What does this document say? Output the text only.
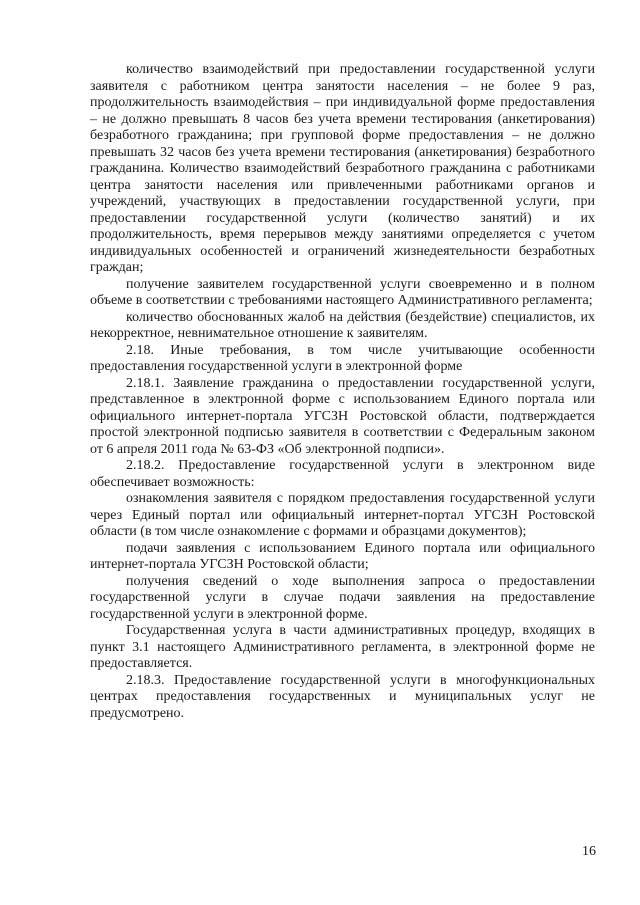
количество взаимодействий при предоставлении государственной услуги заявителя с работником центра занятости населения – не более 9 раз, продолжительность взаимодействия – при индивидуальной форме предоставления – не должно превышать 8 часов без учета времени тестирования (анкетирования) безработного гражданина; при групповой форме предоставления – не должно превышать 32 часов без учета времени тестирования (анкетирования) безработного гражданина. Количество взаимодействий безработного гражданина с работниками центра занятости населения или привлеченными работниками органов и учреждений, участвующих в предоставлении государственной услуги, при предоставлении государственной услуги (количество занятий) и их продолжительность, время перерывов между занятиями определяется с учетом индивидуальных особенностей и ограничений жизнедеятельности безработных граждан;

получение заявителем государственной услуги своевременно и в полном объеме в соответствии с требованиями настоящего Административного регламента;

количество обоснованных жалоб на действия (бездействие) специалистов, их некорректное, невнимательное отношение к заявителям.

2.18. Иные требования, в том числе учитывающие особенности предоставления государственной услуги в электронной форме

2.18.1. Заявление гражданина о предоставлении государственной услуги, представленное в электронной форме с использованием Единого портала или официального интернет-портала УГСЗН Ростовской области, подтверждается простой электронной подписью заявителя в соответствии с Федеральным законом от 6 апреля 2011 года № 63-ФЗ «Об электронной подписи».

2.18.2. Предоставление государственной услуги в электронном виде обеспечивает возможность:

ознакомления заявителя с порядком предоставления государственной услуги через Единый портал или официальный интернет-портал УГСЗН Ростовской области (в том числе ознакомление с формами и образцами документов);

подачи заявления с использованием Единого портала или официального интернет-портала УГСЗН Ростовской области;

получения сведений о ходе выполнения запроса о предоставлении государственной услуги в случае подачи заявления на предоставление государственной услуги в электронной форме.

Государственная услуга в части административных процедур, входящих в пункт 3.1 настоящего Административного регламента, в электронной форме не предоставляется.

2.18.3. Предоставление государственной услуги в многофункциональных центрах предоставления государственных и муниципальных услуг не предусмотрено.

16
